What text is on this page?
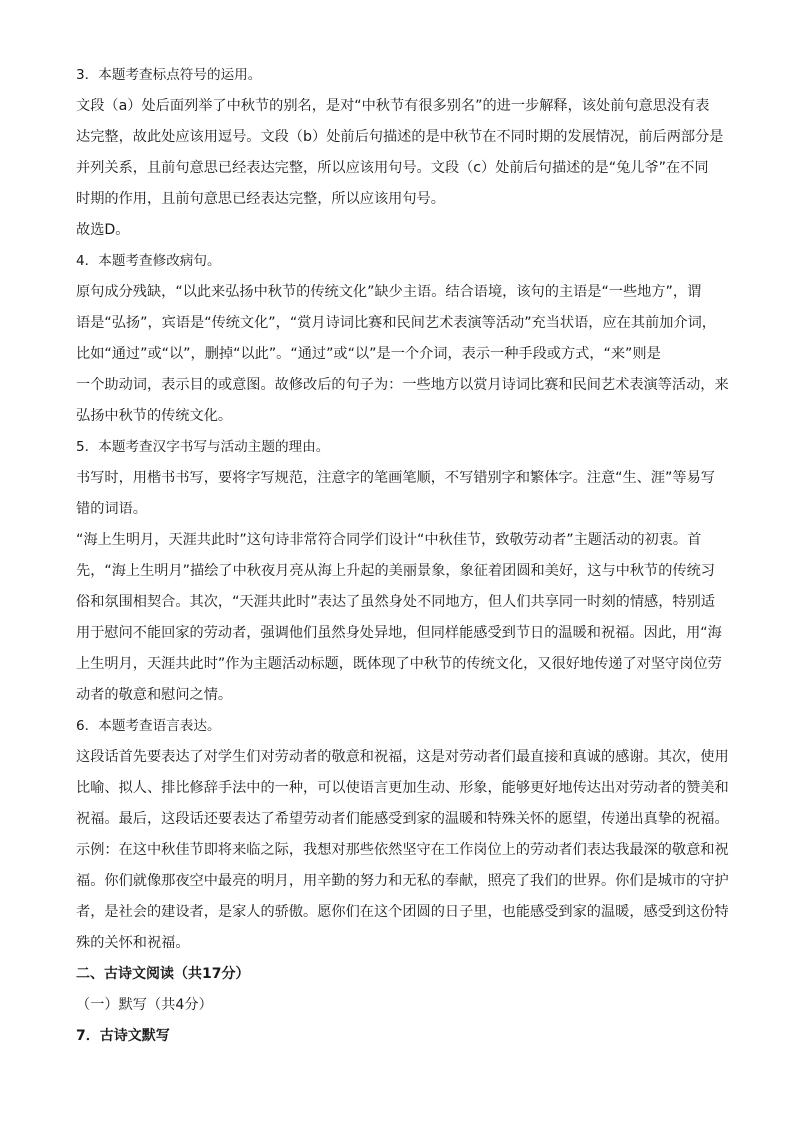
3．本题考查标点符号的运用。
文段（a）处后面列举了中秋节的别名，是对“中秋节有很多别名”的进一步解释，该处前句意思没有表
达完整，故此处应该用逗号。文段（b）处前后句描述的是中秋节在不同时期的发展情况，前后两部分是
并列关系，且前句意思已经表达完整，所以应该用句号。文段（c）处前后句描述的是“兔儿爷”在不同
时期的作用，且前句意思已经表达完整，所以应该用句号。
故选D。
4．本题考查修改病句。
原句成分残缺，“以此来弘扬中秋节的传统文化”缺少主语。结合语境，该句的主语是“一些地方”，谓
语是“弘扬”，宾语是“传统文化”，“赏月诗词比赛和民间艺术表演等活动”充当状语，应在其前加介词，
比如“通过”或“以”，删掉“以此”。“通过”或“以”是一个介词，表示一种手段或方式，“来”则是
一个助动词，表示目的或意图。故修改后的句子为：一些地方以赏月诗词比赛和民间艺术表演等活动，来
弘扬中秋节的传统文化。
5．本题考查汉字书写与活动主题的理由。
书写时，用楷书书写，要将字写规范，注意字的笔画笔顺，不写错别字和繁体字。注意“生、涯”等易写
错的词语。
“海上生明月，天涯共此时”这句诗非常符合同学们设计“中秋佳节，致敬劳动者”主题活动的初衷。首
先，“海上生明月”描绘了中秋夜月亮从海上升起的美丽景象，象征着团圆和美好，这与中秋节的传统习
俗和氛围相契合。其次，“天涯共此时”表达了虽然身处不同地方，但人们共享同一时刻的情感，特别适
用于慰问不能回家的劳动者，强调他们虽然身处异地，但同样能感受到节日的温暖和祝福。因此，用“海
上生明月，天涯共此时”作为主题活动标题，既体现了中秋节的传统文化，又很好地传递了对坚守岗位劳
动者的敬意和慰问之情。
6．本题考查语言表达。
这段话首先要表达了对学生们对劳动者的敬意和祝福，这是对劳动者们最直接和真诚的感谢。其次，使用
比喻、拟人、排比修辞手法中的一种，可以使语言更加生动、形象，能够更好地传达出对劳动者的赞美和
祝福。最后，这段话还要表达了希望劳动者们能感受到家的温暖和特殊关怀的愿望，传递出真挚的祝福。
示例：在这中秋佳节即将来临之际，我想对那些依然坚守在工作岗位上的劳动者们表达我最深的敬意和祝
福。你们就像那夜空中最亮的明月，用辛勤的努力和无私的奉献，照亮了我们的世界。你们是城市的守护
者，是社会的建设者，是家人的骄傲。愿你们在这个团圆的日子里，也能感受到家的温暖，感受到这份特
殊的关怀和祝福。
二、古诗文阅读（共17分）
（一）默写（共4分）
7．古诗文默写
